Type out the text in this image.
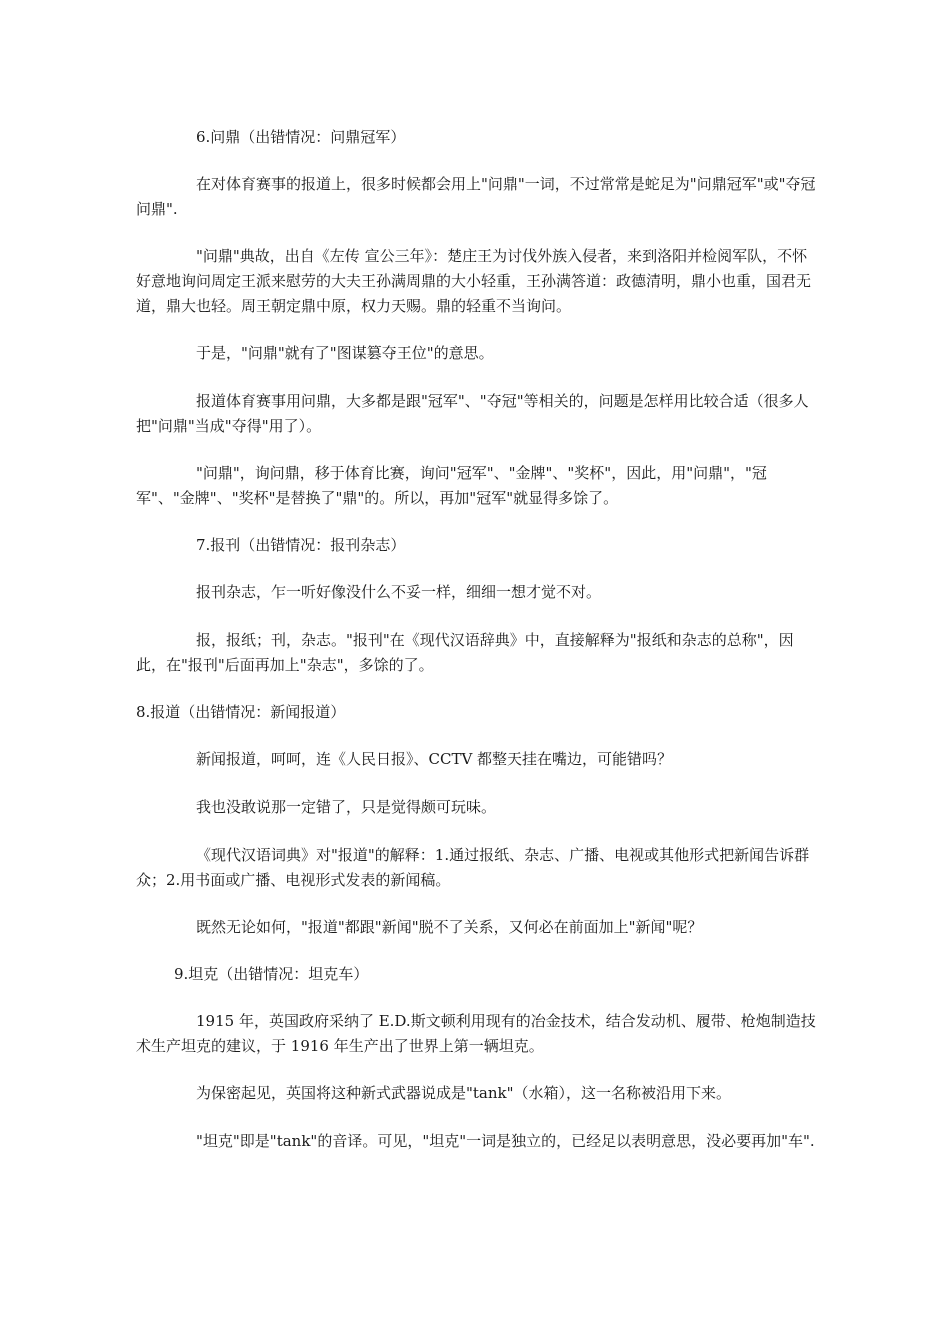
6.问鼎（出错情况：问鼎冠军）

在对体育赛事的报道上，很多时候都会用上"问鼎"一词，不过常常是蛇足为"问鼎冠军"或"夺冠问鼎".

"问鼎"典故，出自《左传 宣公三年》：楚庄王为讨伐外族入侵者，来到洛阳并检阅军队，不怀好意地询问周定王派来慰劳的大夫王孙满周鼎的大小轻重，王孙满答道：政德清明，鼎小也重，国君无道，鼎大也轻。周王朝定鼎中原，权力天赐。鼎的轻重不当询问。

于是，"问鼎"就有了"图谋篡夺王位"的意思。

报道体育赛事用问鼎，大多都是跟"冠军"、"夺冠"等相关的，问题是怎样用比较合适（很多人把"问鼎"当成"夺得"用了）。

"问鼎"，询问鼎，移于体育比赛，询问"冠军"、"金牌"、"奖杯"，因此，用"问鼎"，"冠军"、"金牌"、"奖杯"是替换了"鼎"的。所以，再加"冠军"就显得多馀了。

7.报刊（出错情况：报刊杂志）

报刊杂志，乍一听好像没什么不妥一样，细细一想才觉不对。

报，报纸；刊，杂志。"报刊"在《现代汉语辞典》中，直接解释为"报纸和杂志的总称"，因此，在"报刊"后面再加上"杂志"，多馀的了。

8.报道（出错情况：新闻报道）

新闻报道，呵呵，连《人民日报》、CCTV 都整天挂在嘴边，可能错吗？

我也没敢说那一定错了，只是觉得颇可玩味。

《现代汉语词典》对"报道"的解释：1.通过报纸、杂志、广播、电视或其他形式把新闻告诉群众；2.用书面或广播、电视形式发表的新闻稿。

既然无论如何，"报道"都跟"新闻"脱不了关系，又何必在前面加上"新闻"呢？

9.坦克（出错情况：坦克车）

1915 年，英国政府采纳了 E.D.斯文顿利用现有的冶金技术，结合发动机、履带、枪炮制造技术生产坦克的建议，于 1916 年生产出了世界上第一辆坦克。

为保密起见，英国将这种新式武器说成是"tank"（水箱），这一名称被沿用下来。

"坦克"即是"tank"的音译。可见，"坦克"一词是独立的，已经足以表明意思，没必要再加"车".
